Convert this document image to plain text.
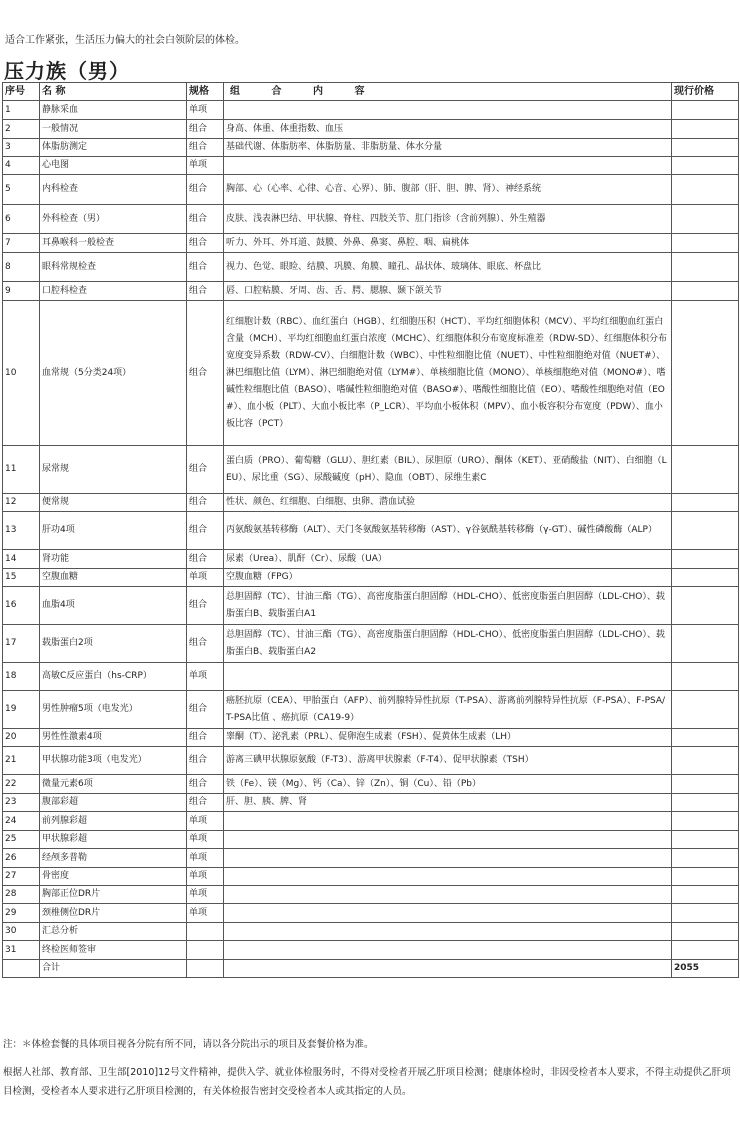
适合工作紧张，生活压力偏大的社会白领阶层的体检。
压力族（男）
序号	名 称	规格	组 合 内 容	现行价格
1	静脉采血	单项		
2	一般情况	组合	身高、体重、体重指数、血压	
3	体脂肪测定	组合	基础代谢、体脂肪率、体脂肪量、非脂肪量、体水分量	
4	心电图	单项		
5	内科检查	组合	胸部、心（心率、心律、心音、心界）、肺、腹部（肝、胆、脾、肾）、神经系统	
6	外科检查（男）	组合	皮肤、浅表淋巴结、甲状腺、脊柱、四肢关节、肛门指诊（含前列腺）、外生殖器	
7	耳鼻喉科一般检查	组合	听力、外耳、外耳道、鼓膜、外鼻、鼻窦、鼻腔、咽、扁桃体	
8	眼科常规检查	组合	视力、色觉、眼睑、结膜、巩膜、角膜、瞳孔、晶状体、玻璃体、眼底、杯盘比	
9	口腔科检查	组合	唇、口腔粘膜、牙周、齿、舌、腭、腮腺、颞下颌关节	
10	血常规（5分类24项）	组合	红细胞计数（RBC）、血红蛋白（HGB）、红细胞压积（HCT）、平均红细胞体积（MCV）、平均红细胞血红蛋白含量（MCH）、平均红细胞血红蛋白浓度（MCHC）、红细胞体积分布宽度标准差（RDW-SD）、红细胞体积分布宽度变异系数（RDW-CV）、白细胞计数（WBC）、中性粒细胞比值（NUET）、中性粒细胞绝对值（NUET#）、淋巴细胞比值（LYM）、淋巴细胞绝对值（LYM#）、单核细胞比值（MONO）、单核细胞绝对值（MONO#）、嗜碱性粒细胞比值（BASO）、嗜碱性粒细胞绝对值（BASO#）、嗜酸性细胞比值（EO）、嗜酸性细胞绝对值（EO#）、血小板（PLT）、大血小板比率（P_LCR）、平均血小板体积（MPV）、血小板容积分布宽度（PDW）、血小板比容（PCT）	
11	尿常规	组合	蛋白质（PRO）、葡萄糖（GLU）、胆红素（BIL）、尿胆原（URO）、酮体（KET）、亚硝酸盐（NIT）、白细胞（LEU）、尿比重（SG）、尿酸碱度（pH）、隐血（OBT）、尿维生素C	
12	便常规	组合	性状、颜色、红细胞、白细胞、虫卵、潜血试验	
13	肝功4项	组合	丙氨酸氨基转移酶（ALT）、天门冬氨酸氨基转移酶（AST）、γ谷氨酰基转移酶（γ-GT）、碱性磷酸酶（ALP）	
14	肾功能	组合	尿素（Urea）、肌酐（Cr）、尿酸（UA）	
15	空腹血糖	单项	空腹血糖（FPG）	
16	血脂4项	组合	总胆固醇（TC）、甘油三酯（TG）、高密度脂蛋白胆固醇（HDL-CHO）、低密度脂蛋白胆固醇（LDL-CHO）、载脂蛋白B、载脂蛋白A1	
17	载脂蛋白2项	组合	总胆固醇（TC）、甘油三酯（TG）、高密度脂蛋白胆固醇（HDL-CHO）、低密度脂蛋白胆固醇（LDL-CHO）、载脂蛋白B、载脂蛋白A2	
18	高敏C反应蛋白（hs-CRP）	单项		
19	男性肿瘤5项（电发光）	组合	癌胚抗原（CEA）、甲胎蛋白（AFP）、前列腺特异性抗原（T-PSA）、游离前列腺特异性抗原（F-PSA）、F-PSA/T-PSA比值 、癌抗原（CA19-9）	
20	男性性激素4项	组合	睾酮（T）、泌乳素（PRL）、促卵泡生成素（FSH）、促黄体生成素（LH）	
21	甲状腺功能3项（电发光）	组合	游离三碘甲状腺原氨酸（F-T3）、游离甲状腺素（F-T4）、促甲状腺素（TSH）	
22	微量元素6项	组合	铁（Fe）、镁（Mg）、钙（Ca）、锌（Zn）、铜（Cu）、铅（Pb）	
23	腹部彩超	组合	肝、胆、胰、脾、肾	
24	前列腺彩超	单项		
25	甲状腺彩超	单项		
26	经颅多普勒	单项		
27	骨密度	单项		
28	胸部正位DR片	单项		
29	颈椎侧位DR片	单项		
30	汇总分析			
31	终检医师签审			
	合计			2055
注：＊体检套餐的具体项目视各分院有所不同，请以各分院出示的项目及套餐价格为准。
根据人社部、教育部、卫生部[2010]12号文件精神，提供入学、就业体检服务时，不得对受检者开展乙肝项目检测；健康体检时，非因受检者本人要求，不得主动提供乙肝项目检测，受检者本人要求进行乙肝项目检测的，有关体检报告密封交受检者本人或其指定的人员。
